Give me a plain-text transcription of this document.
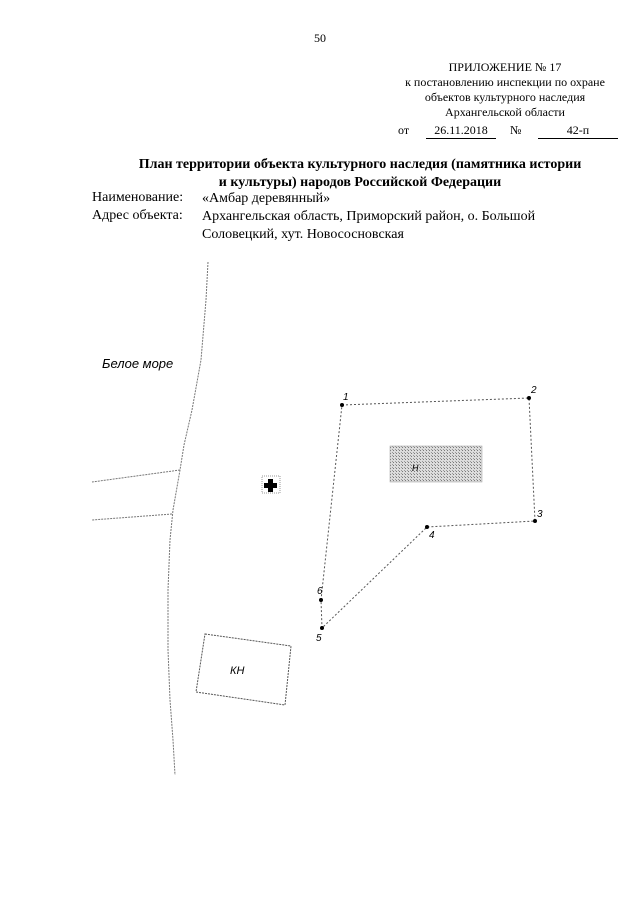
50
ПРИЛОЖЕНИЕ № 17
к постановлению инспекции по охране
объектов культурного наследия
Архангельской области
от	26.11.2018	№	42-п
План территории объекта культурного наследия (памятника истории
и культуры) народов Российской Федерации
Наименование: «Амбар деревянный»
Адрес объекта: Архангельская область, Приморский район, о. Большой
Соловецкий, хут. Новососновская
Белое море
Н
КН
1
2
3
4
5
6
